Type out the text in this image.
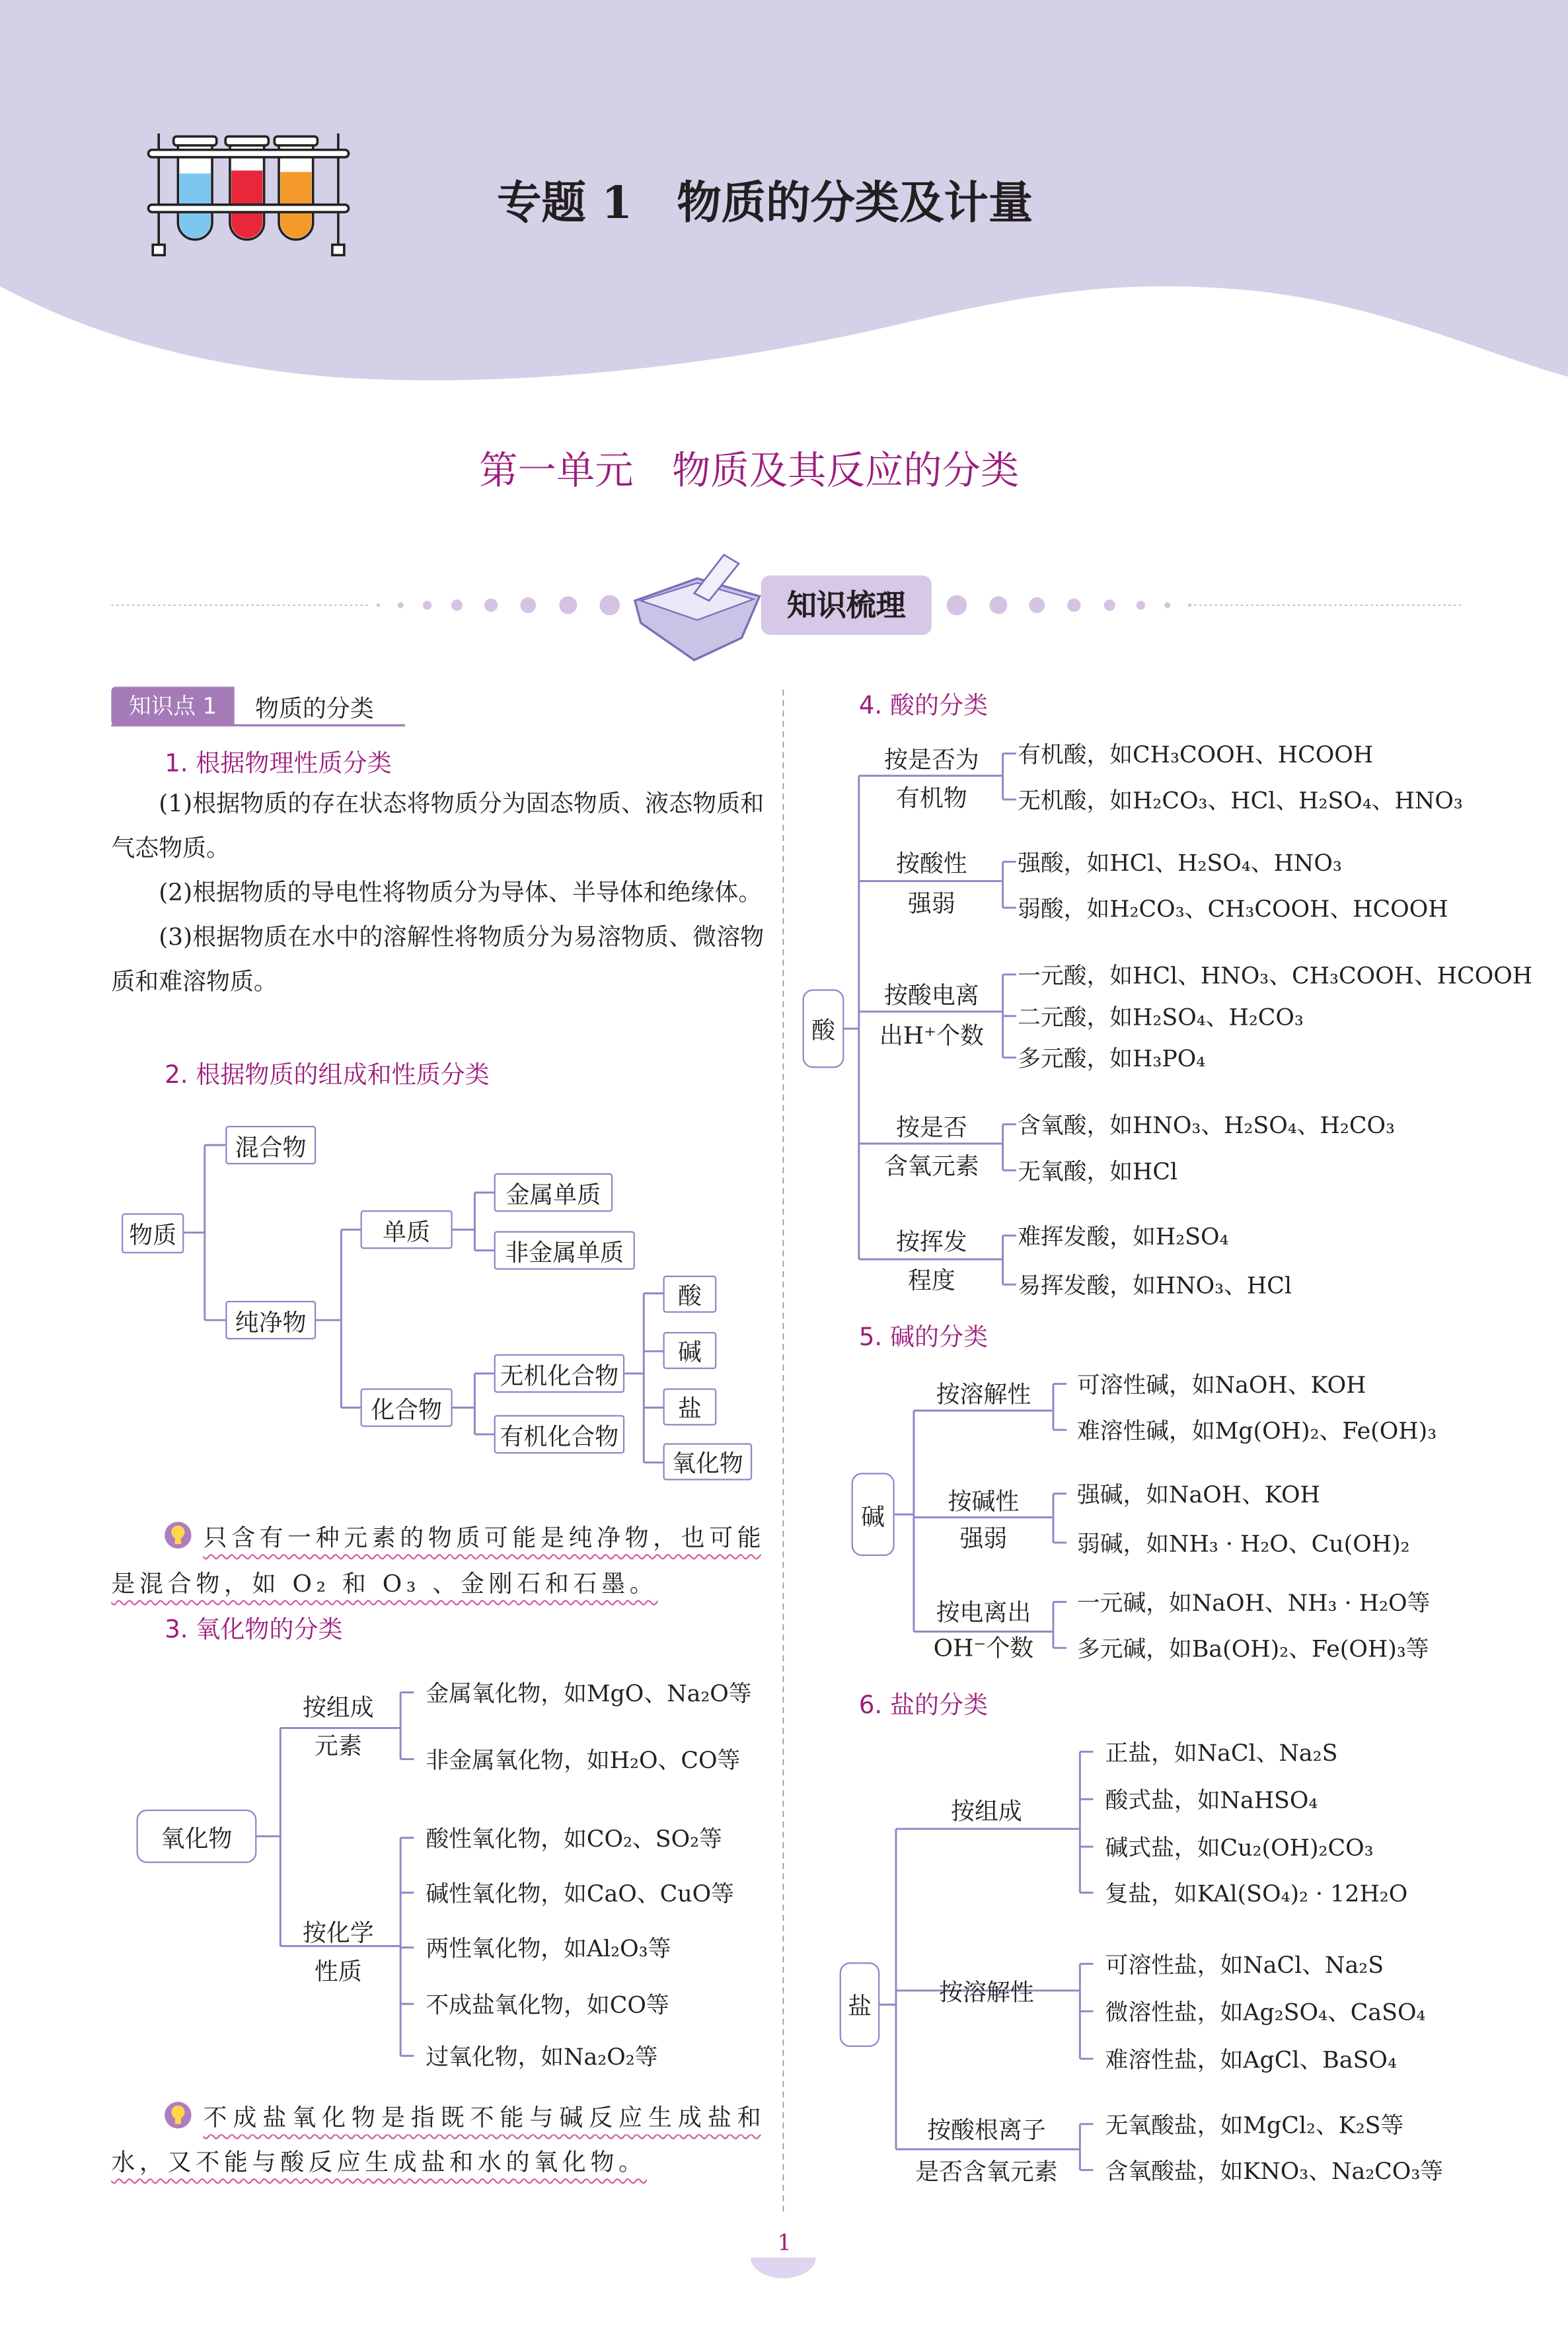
专题 1　物质的分类及计量
第一单元　物质及其反应的分类
知识梳理
知识点 1	物质的分类
1. 根据物理性质分类

(1)根据物质的存在状态将物质分为固态物质、液态物质和气态物质。

(2)根据物质的导电性将物质分为导体、半导体和绝缘体。

(3)根据物质在水中的溶解性将物质分为易溶物质、微溶物质和难溶物质。

2. 根据物质的组成和性质分类
物质
混合物
纯净物
单质
化合物
金属单质
非金属单质
无机化合物
有机化合物
酸
碱
盐
氧化物
只含有一种元素的物质可能是纯净物，也可能
是混合物，如 O₂ 和 O₃ 、金刚石和石墨。
3. 氧化物的分类
氧化物
按组成
元素
金属氧化物，如MgO、Na₂O等
非金属氧化物，如H₂O、CO等
按化学
性质
酸性氧化物，如CO₂、SO₂等
碱性氧化物，如CaO、CuO等
两性氧化物，如Al₂O₃等
不成盐氧化物，如CO等
过氧化物，如Na₂O₂等
不成盐氧化物是指既不能与碱反应生成盐和
水，又不能与酸反应生成盐和水的氧化物。
4. 酸的分类
酸
按是否为
有机物
有机酸，如CH₃COOH、HCOOH
无机酸，如H₂CO₃、HCl、H₂SO₄、HNO₃
按酸性
强弱
强酸，如HCl、H₂SO₄、HNO₃
弱酸，如H₂CO₃、CH₃COOH、HCOOH
按酸电离
出H⁺个数
一元酸，如HCl、HNO₃、CH₃COOH、HCOOH
二元酸，如H₂SO₄、H₂CO₃
多元酸，如H₃PO₄
按是否
含氧元素
含氧酸，如HNO₃、H₂SO₄、H₂CO₃
无氧酸，如HCl
按挥发
程度
难挥发酸，如H₂SO₄
易挥发酸，如HNO₃、HCl
5. 碱的分类
碱
按溶解性	可溶性碱，如NaOH、KOH
难溶性碱，如Mg(OH)₂、Fe(OH)₃
按碱性
强弱
强碱，如NaOH、KOH
弱碱，如NH₃ · H₂O、Cu(OH)₂
按电离出
OH⁻个数
一元碱，如NaOH、NH₃ · H₂O等
多元碱，如Ba(OH)₂、Fe(OH)₃等
6. 盐的分类
盐
按组成
正盐，如NaCl、Na₂S
酸式盐，如NaHSO₄
碱式盐，如Cu₂(OH)₂CO₃
复盐，如KAl(SO₄)₂ · 12H₂O
按溶解性
可溶性盐，如NaCl、Na₂S
微溶性盐，如Ag₂SO₄、CaSO₄
难溶性盐，如AgCl、BaSO₄
按酸根离子
是否含氧元素
无氧酸盐，如MgCl₂、K₂S等
含氧酸盐，如KNO₃、Na₂CO₃等
1
